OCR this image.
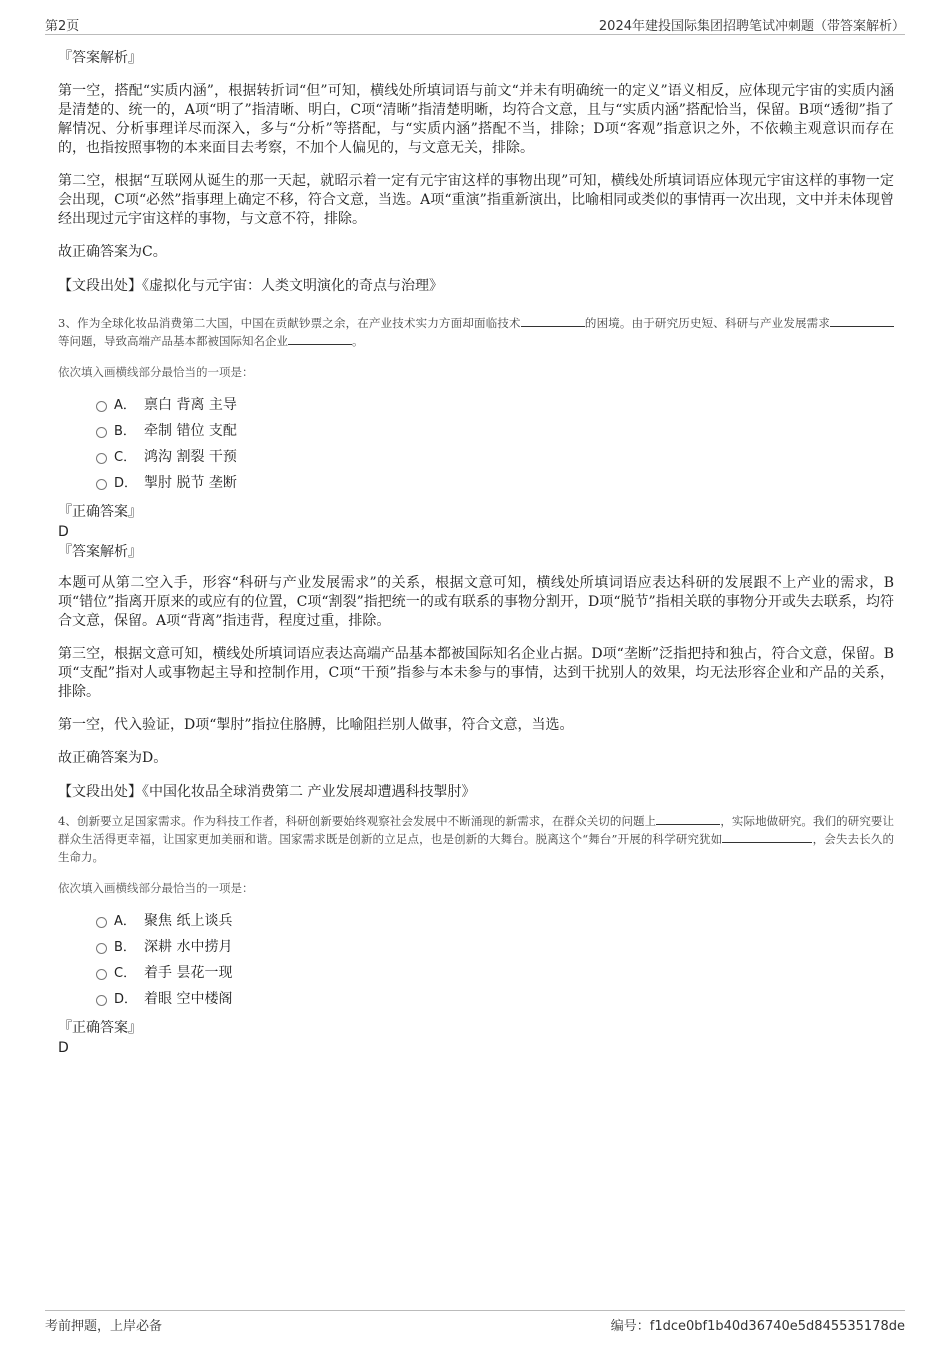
第2页	2024年建投国际集团招聘笔试冲刺题（带答案解析）

『答案解析』

第一空，搭配“实质内涵”，根据转折词“但”可知，横线处所填词语与前文“并未有明确统一的定义”语义相反，应体现元宇宙的实质内涵是清楚的、统一的，A项“明了”指清晰、明白，C项“清晰”指清楚明晰，均符合文意，且与“实质内涵”搭配恰当，保留。B项“透彻”指了解情况、分析事理详尽而深入，多与“分析”等搭配，与“实质内涵”搭配不当，排除；D项“客观”指意识之外，不依赖主观意识而存在的，也指按照事物的本来面目去考察，不加个人偏见的，与文意无关，排除。

第二空，根据“互联网从诞生的那一天起，就昭示着一定有元宇宙这样的事物出现”可知，横线处所填词语应体现元宇宙这样的事物一定会出现，C项“必然”指事理上确定不移，符合文意，当选。A项“重演”指重新演出，比喻相同或类似的事情再一次出现，文中并未体现曾经出现过元宇宙这样的事物，与文意不符，排除。

故正确答案为C。

【文段出处】《虚拟化与元宇宙：人类文明演化的奇点与治理》

3、作为全球化妆品消费第二大国，中国在贡献钞票之余，在产业技术实力方面却面临技术	的困境。由于研究历史短、科研与产业发展需求等问题，导致高端产品基本都被国际知名企业	。

依次填入画横线部分最恰当的一项是：

A． 禀白 背离 主导
B． 牵制 错位 支配
C． 鸿沟 割裂 干预
D． 掣肘 脱节 垄断

『正确答案』

D

『答案解析』

本题可从第二空入手，形容“科研与产业发展需求”的关系，根据文意可知，横线处所填词语应表达科研的发展跟不上产业的需求，B项“错位”指离开原来的或应有的位置，C项“割裂”指把统一的或有联系的事物分割开，D项“脱节”指相关联的事物分开或失去联系，均符合文意，保留。A项“背离”指违背，程度过重，排除。

第三空，根据文意可知，横线处所填词语应表达高端产品基本都被国际知名企业占据。D项“垄断”泛指把持和独占，符合文意，保留。B项“支配”指对人或事物起主导和控制作用，C项“干预”指参与本未参与的事情，达到干扰别人的效果，均无法形容企业和产品的关系，排除。

第一空，代入验证，D项“掣肘”指拉住胳膊，比喻阻拦别人做事，符合文意，当选。

故正确答案为D。

【文段出处】《中国化妆品全球消费第二 产业发展却遭遇科技掣肘》

4、创新要立足国家需求。作为科技工作者，科研创新要始终观察社会发展中不断涌现的新需求，在群众关切的问题上	，实际地做研究。我们的研究要让群众生活得更幸福，让国家更加美丽和谐。国家需求既是创新的立足点，也是创新的大舞台。脱离这个“舞台”开展的科学研究犹如	，会失去长久的生命力。

依次填入画横线部分最恰当的一项是：

A． 聚焦 纸上谈兵
B． 深耕 水中捞月
C． 着手 昙花一现
D． 着眼 空中楼阁

『正确答案』

D

考前押题，上岸必备	编号：f1dce0bf1b40d36740e5d845535178de
